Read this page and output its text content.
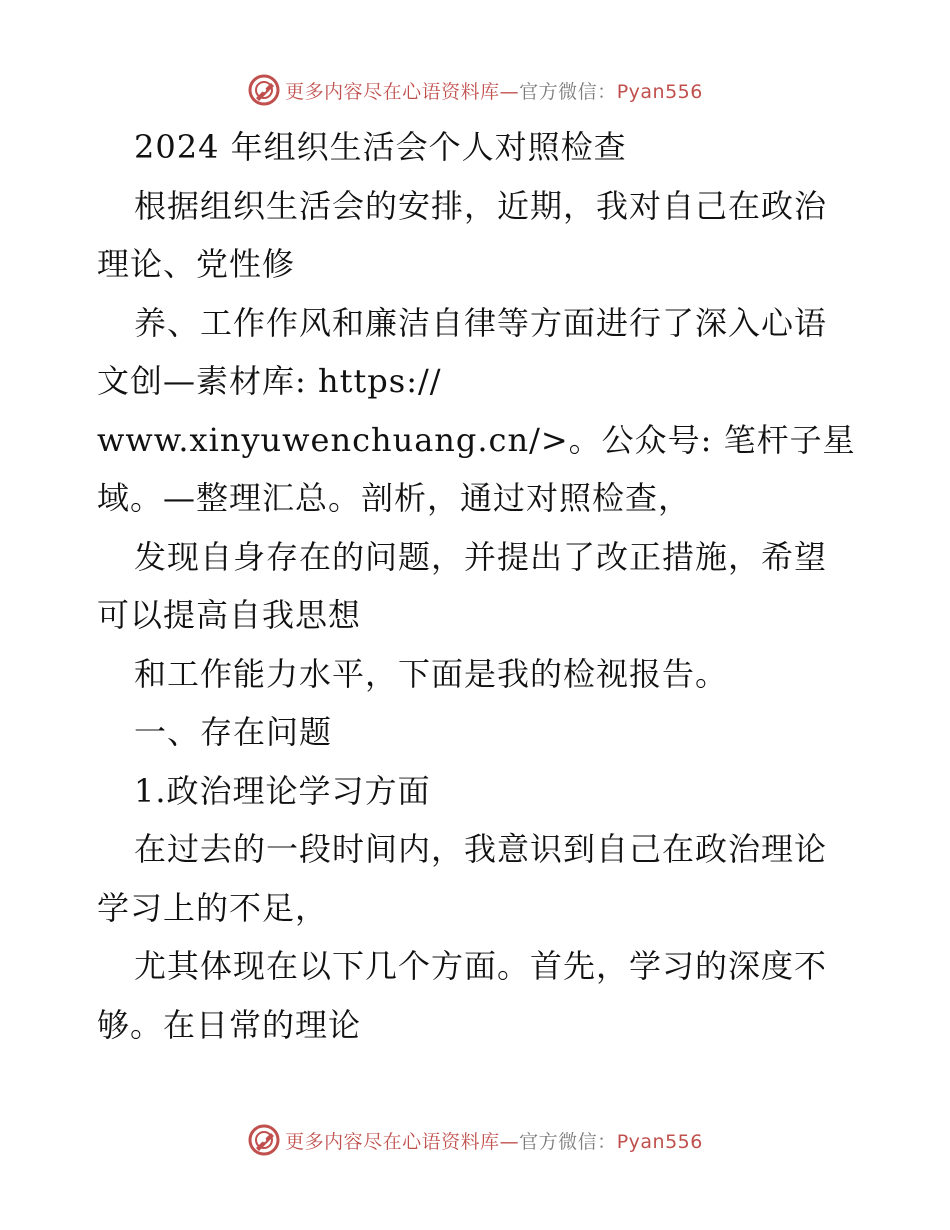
更多内容尽在心语资料库—官方微信：Pyan556
2024 年组织生活会个人对照检查
根据组织生活会的安排，近期，我对自己在政治
理论、党性修
养、工作作风和廉洁自律等方面进行了深入心语
文创—素材库: https://
www.xinyuwenchuang.cn/>。公众号: 笔杆子星
域。—整理汇总。剖析，通过对照检查，
发现自身存在的问题，并提出了改正措施，希望
可以提高自我思想
和工作能力水平，下面是我的检视报告。
一、存在问题
1.政治理论学习方面
在过去的一段时间内，我意识到自己在政治理论
学习上的不足，
尤其体现在以下几个方面。首先，学习的深度不
够。在日常的理论
更多内容尽在心语资料库—官方微信：Pyan556
